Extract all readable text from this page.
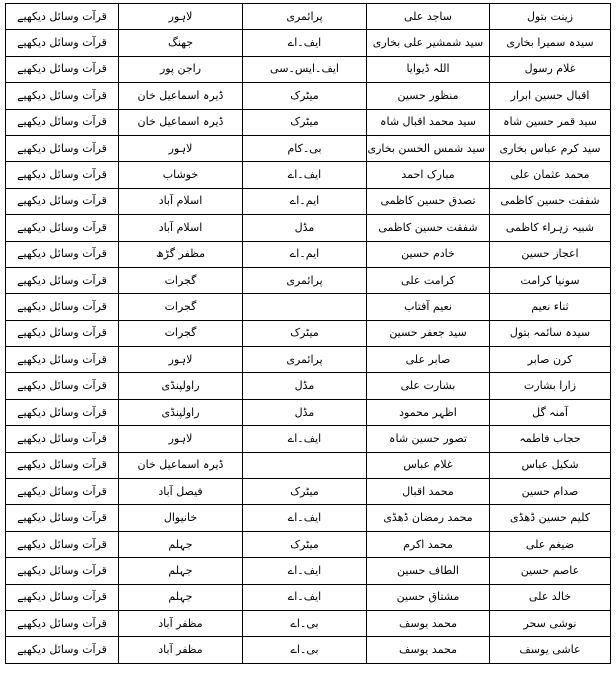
قرآت وسائل دیکھیے	لاہور	پرائمری	ساجد علی	زینت بتول	
قرآت وسائل دیکھیے	جھنگ	ایف۔اے	سید شمشیر علی بخاری	سیدہ سمیرا بخاری	
قرآت وسائل دیکھیے	راجن پور	ایف۔ایس۔سی	اللہ ڈیوایا	غلام رسول	
قرآت وسائل دیکھیے	ڈیرہ اسماعیل خان	میٹرک	منظور حسین	اقبال حسین ابرار	
قرآت وسائل دیکھیے	ڈیرہ اسماعیل خان	میٹرک	سید محمد اقبال شاہ	سید قمر حسین شاہ	
قرآت وسائل دیکھیے	لاہور	بی۔کام	سید شمس الحسن بخاری	سید کرم عباس بخاری	
قرآت وسائل دیکھیے	خوشاب	ایف۔اے	مبارک احمد	محمد عثمان علی	
قرآت وسائل دیکھیے	اسلام آباد	ایم۔اے	تصدق حسین کاظمی	شفقت حسین کاظمی	
قرآت وسائل دیکھیے	اسلام آباد	مڈل	شفقت حسین کاظمی	شبیہ زہراء کاظمی	
قرآت وسائل دیکھیے	مظفر گڑھ	ایم۔اے	خادم حسین	اعجاز حسین	
قرآت وسائل دیکھیے	گجرات	پرائمری	کرامت علی	سونیا کرامت	
قرآت وسائل دیکھیے	گجرات		نعیم آفتاب	ثناء نعیم	
قرآت وسائل دیکھیے	گجرات	میٹرک	سید جعفر حسین	سیدہ سائمہ بتول	
قرآت وسائل دیکھیے	لاہور	پرائمری	صابر علی	کرن صابر	
قرآت وسائل دیکھیے	راولپنڈی	مڈل	بشارت علی	زارا بشارت	
قرآت وسائل دیکھیے	راولپنڈی	مڈل	اظہر محمود	آمنہ گل	
قرآت وسائل دیکھیے	لاہور	ایف۔اے	تصور حسین شاہ	حجاب فاطمہ	
قرآت وسائل دیکھیے	ڈیرہ اسماعیل خان		غلام عباس	شکیل عباس	
قرآت وسائل دیکھیے	فیصل آباد	میٹرک	محمد اقبال	صدام حسین	
قرآت وسائل دیکھیے	خانیوال	ایف۔اے	محمد رمضان ڈھڈی	کلیم حسین ڈھڈی	
قرآت وسائل دیکھیے	جہلم	میٹرک	محمد اکرم	ضیغم علی	
قرآت وسائل دیکھیے	جہلم	ایف۔اے	الطاف حسین	عاصم حسین	
قرآت وسائل دیکھیے	جہلم	ایف۔اے	مشتاق حسین	خالد علی	
قرآت وسائل دیکھیے	مظفر آباد	بی۔اے	محمد یوسف	نوشی سحر	
قرآت وسائل دیکھیے	مظفر آباد	بی۔اے	محمد یوسف	عاشی یوسف	
